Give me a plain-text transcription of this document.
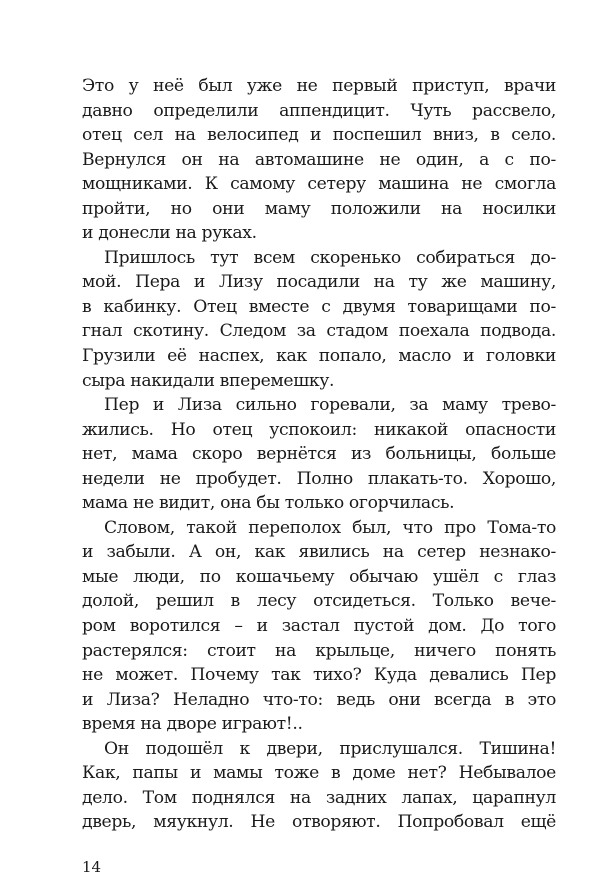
Это у неё был уже не первый приступ, врачи
давно определили аппендицит. Чуть рассвело,
отец сел на велосипед и поспешил вниз, в село.
Вернулся он на автомашине не один, а с по-
мощниками. К самому сетеру машина не смогла
пройти, но они маму положили на носилки
и донесли на руках.
Пришлось тут всем скоренько собираться до-
мой. Пера и Лизу посадили на ту же машину,
в кабинку. Отец вместе с двумя товарищами по-
гнал скотину. Следом за стадом поехала подвода.
Грузили её наспех, как попало, масло и головки
сыра накидали вперемешку.
Пер и Лиза сильно горевали, за маму трево-
жились. Но отец успокоил: никакой опасности
нет, мама скоро вернётся из больницы, больше
недели не пробудет. Полно плакать-то. Хорошо,
мама не видит, она бы только огорчилась.
Словом, такой переполох был, что про Тома-то
и забыли. А он, как явились на сетер незнако-
мые люди, по кошачьему обычаю ушёл с глаз
долой, решил в лесу отсидеться. Только вече-
ром воротился – и застал пустой дом. До того
растерялся: стоит на крыльце, ничего понять
не может. Почему так тихо? Куда девались Пер
и Лиза? Неладно что-то: ведь они всегда в это
время на дворе играют!..
Он подошёл к двери, прислушался. Тишина!
Как, папы и мамы тоже в доме нет? Небывалое
дело. Том поднялся на задних лапах, царапнул
дверь, мяукнул. Не отворяют. Попробовал ещё
14
